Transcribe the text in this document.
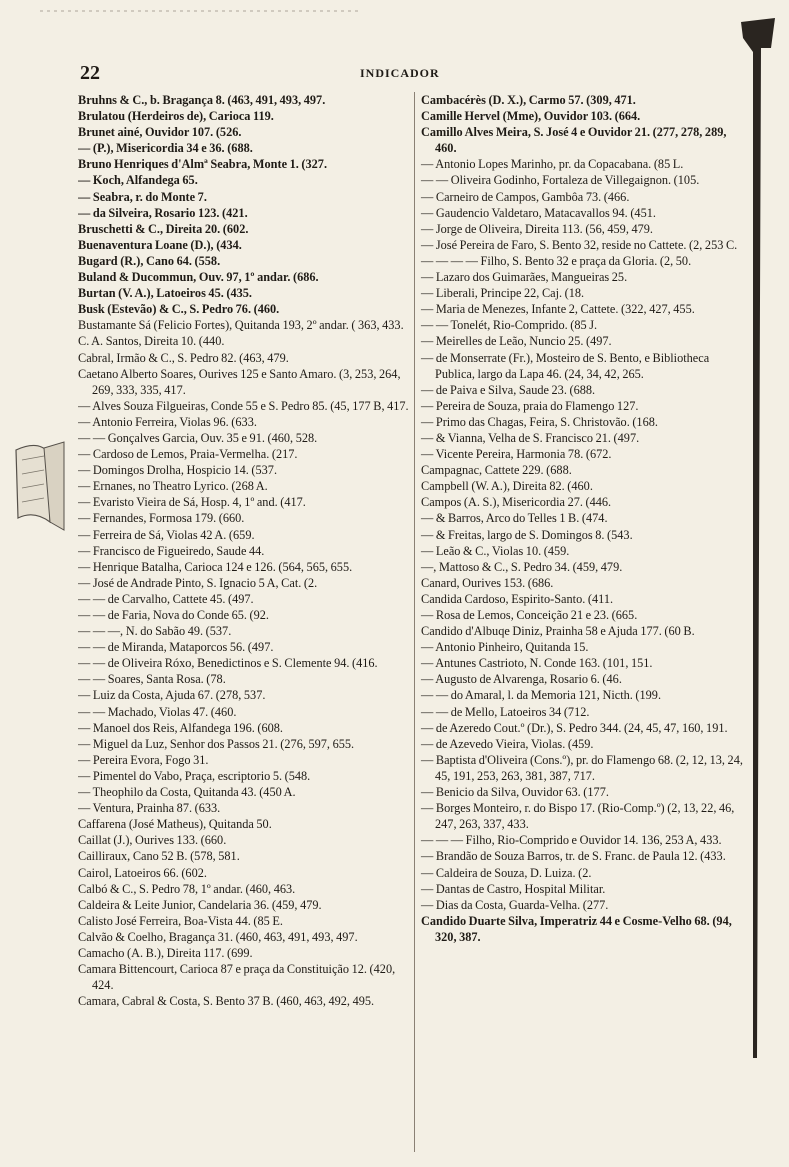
22	INDICADOR
Bruhns & C., b. Bragança 8. (463, 491, 493, 497.
Brulatou (Herdeiros de), Carioca 119.
Brunet ainé, Ouvidor 107. (526.
— (P.), Misericordia 34 e 36. (688.
Bruno Henriques d'Almª Seabra, Monte 1. (327.
— Koch, Alfandega 65.
— Seabra, r. do Monte 7.
— da Silveira, Rosario 123. (421.
Bruschetti & C., Direita 20. (602.
Buenaventura Loane (D.), (434.
Bugard (R.), Cano 64. (558.
Buland & Ducommun, Ouv. 97, 1º andar. (686.
Burtan (V. A.), Latoeiros 45. (435.
Busk (Estevão) & C., S. Pedro 76. (460.
Bustamante Sá (Felicio Fortes), Quitanda 193, 2º andar. ( 363, 433.
C. A. Santos, Direita 10. (440.
Cabral, Irmão & C., S. Pedro 82. (463, 479.
Caetano Alberto Soares, Ourives 125 e Santo Amaro. (3, 253, 264, 269, 333, 335, 417.
— Alves Souza Filgueiras, Conde 55 e S. Pedro 85. (45, 177 B, 417.
— Antonio Ferreira, Violas 96. (633.
— — Gonçalves Garcia, Ouv. 35 e 91. (460, 528.
— Cardoso de Lemos, Praia-Vermelha. (217.
— Domingos Drolha, Hospicio 14. (537.
— Ernanes, no Theatro Lyrico. (268 A.
— Evaristo Vieira de Sá, Hosp. 4, 1º and. (417.
— Fernandes, Formosa 179. (660.
— Ferreira de Sá, Violas 42 A. (659.
— Francisco de Figueiredo, Saude 44.
— Henrique Batalha, Carioca 124 e 126. (564, 565, 655.
— José de Andrade Pinto, S. Ignacio 5 A, Cat. (2.
— — de Carvalho, Cattete 45. (497.
— — de Faria, Nova do Conde 65. (92.
— — —, N. do Sabão 49. (537.
— — de Miranda, Mataporcos 56. (497.
— — de Oliveira Róxo, Benedictinos e S. Clemente 94. (416.
— — Soares, Santa Rosa. (78.
— Luiz da Costa, Ajuda 67. (278, 537.
— — Machado, Violas 47. (460.
— Manoel dos Reis, Alfandega 196. (608.
— Miguel da Luz, Senhor dos Passos 21. (276, 597, 655.
— Pereira Evora, Fogo 31.
— Pimentel do Vabo, Praça, escriptorio 5. (548.
— Theophilo da Costa, Quitanda 43. (450 A.
— Ventura, Prainha 87. (633.
Caffarena (José Matheus), Quitanda 50.
Caillat (J.), Ourives 133. (660.
Cailliraux, Cano 52 B. (578, 581.
Cairol, Latoeiros 66. (602.
Calbó & C., S. Pedro 78, 1º andar. (460, 463.
Caldeira & Leite Junior, Candelaria 36. (459, 479.
Calisto José Ferreira, Boa-Vista 44. (85 E.
Calvão & Coelho, Bragança 31. (460, 463, 491, 493, 497.
Camacho (A. B.), Direita 117. (699.
Camara Bittencourt, Carioca 87 e praça da Constituição 12. (420, 424.
Camara, Cabral & Costa, S. Bento 37 B. (460, 463, 492, 495.
Cambacérès (D. X.), Carmo 57. (309, 471.
Camille Hervel (Mme), Ouvidor 103. (664.
Camillo Alves Meira, S. José 4 e Ouvidor 21. (277, 278, 289, 460.
— Antonio Lopes Marinho, pr. da Copacabana. (85 L.
— — Oliveira Godinho, Fortaleza de Villegaignon. (105.
— Carneiro de Campos, Gambôa 73. (466.
— Gaudencio Valdetaro, Matacavallos 94. (451.
— Jorge de Oliveira, Direita 113. (56, 459, 479.
— José Pereira de Faro, S. Bento 32, reside no Cattete. (2, 253 C.
— — — — Filho, S. Bento 32 e praça da Gloria. (2, 50.
— Lazaro dos Guimarães, Mangueiras 25.
— Liberali, Principe 22, Caj. (18.
— Maria de Menezes, Infante 2, Cattete. (322, 427, 455.
— — Tonelét, Rio-Comprido. (85 J.
— Meirelles de Leão, Nuncio 25. (497.
— de Monserrate (Fr.), Mosteiro de S. Bento, e Bibliotheca Publica, largo da Lapa 46. (24, 34, 42, 265.
— de Paiva e Silva, Saude 23. (688.
— Pereira de Souza, praia do Flamengo 127.
— Primo das Chagas, Feira, S. Christovão. (168.
— & Vianna, Velha de S. Francisco 21. (497.
— Vicente Pereira, Harmonia 78. (672.
Campagnac, Cattete 229. (688.
Campbell (W. A.), Direita 82. (460.
Campos (A. S.), Misericordia 27. (446.
— & Barros, Arco do Telles 1 B. (474.
— & Freitas, largo de S. Domingos 8. (543.
— Leão & C., Violas 10. (459.
—, Mattoso & C., S. Pedro 34. (459, 479.
Canard, Ourives 153. (686.
Candida Cardoso, Espirito-Santo. (411.
— Rosa de Lemos, Conceição 21 e 23. (665.
Candido d'Albuqe Diniz, Prainha 58 e Ajuda 177. (60 B.
— Antonio Pinheiro, Quitanda 15.
— Antunes Castrioto, N. Conde 163. (101, 151.
— Augusto de Alvarenga, Rosario 6. (46.
— — do Amaral, l. da Memoria 121, Nicth. (199.
— — de Mello, Latoeiros 34 (712.
— de Azeredo Cout.º (Dr.), S. Pedro 344. (24, 45, 47, 160, 191.
— de Azevedo Vieira, Violas. (459.
— Baptista d'Oliveira (Cons.º), pr. do Flamengo 68. (2, 12, 13, 24, 45, 191, 253, 263, 381, 387, 717.
— Benicio da Silva, Ouvidor 63. (177.
— Borges Monteiro, r. do Bispo 17. (Rio-Comp.º) (2, 13, 22, 46, 247, 263, 337, 433.
— — — Filho, Rio-Comprido e Ouvidor 14. 136, 253 A, 433.
— Brandão de Souza Barros, tr. de S. Franc. de Paula 12. (433.
— Caldeira de Souza, D. Luiza. (2.
— Dantas de Castro, Hospital Militar.
— Dias da Costa, Guarda-Velha. (277.
Candido Duarte Silva, Imperatriz 44 e Cosme-Velho 68. (94, 320, 387.
